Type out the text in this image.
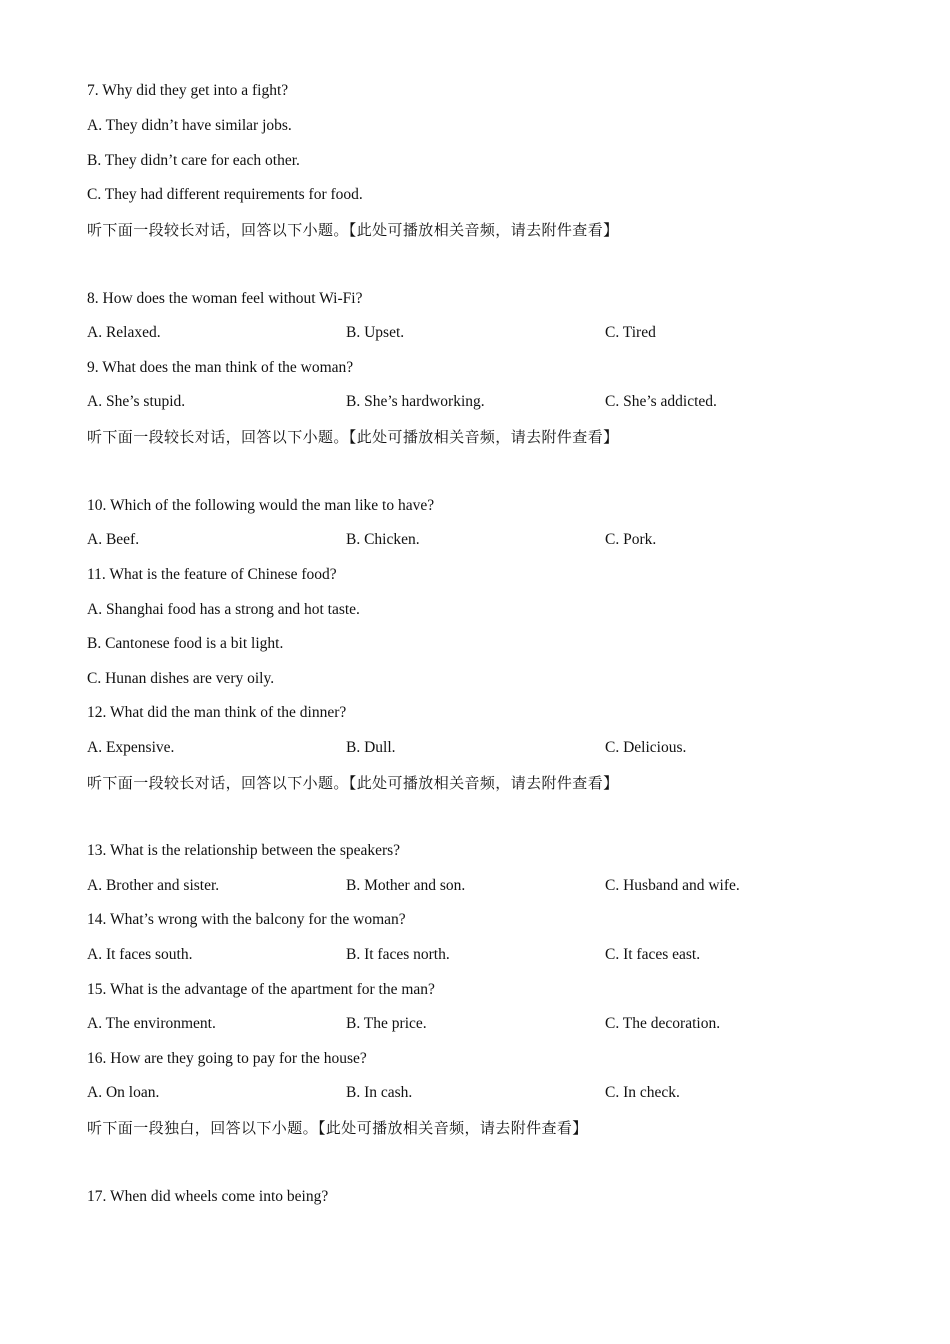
7. Why did they get into a fight?
A. They didn’t have similar jobs.
B. They didn’t care for each other.
C. They had different requirements for food.
听下面一段较长对话，回答以下小题。【此处可播放相关音频，请去附件查看】
8. How does the woman feel without Wi-Fi?
A. Relaxed.	B. Upset.	C. Tired
9. What does the man think of the woman?
A. She’s stupid.	B. She’s hardworking.	C. She’s addicted.
听下面一段较长对话，回答以下小题。【此处可播放相关音频，请去附件查看】
10. Which of the following would the man like to have?
A. Beef.	B. Chicken.	C. Pork.
11. What is the feature of Chinese food?
A. Shanghai food has a strong and hot taste.
B. Cantonese food is a bit light.
C. Hunan dishes are very oily.
12. What did the man think of the dinner?
A. Expensive.	B. Dull.	C. Delicious.
听下面一段较长对话，回答以下小题。【此处可播放相关音频，请去附件查看】
13. What is the relationship between the speakers?
A. Brother and sister.	B. Mother and son.	C. Husband and wife.
14. What’s wrong with the balcony for the woman?
A. It faces south.	B. It faces north.	C. It faces east.
15. What is the advantage of the apartment for the man?
A. The environment.	B. The price.	C. The decoration.
16. How are they going to pay for the house?
A. On loan.	B. In cash.	C. In check.
听下面一段独白，回答以下小题。【此处可播放相关音频，请去附件查看】
17. When did wheels come into being?
